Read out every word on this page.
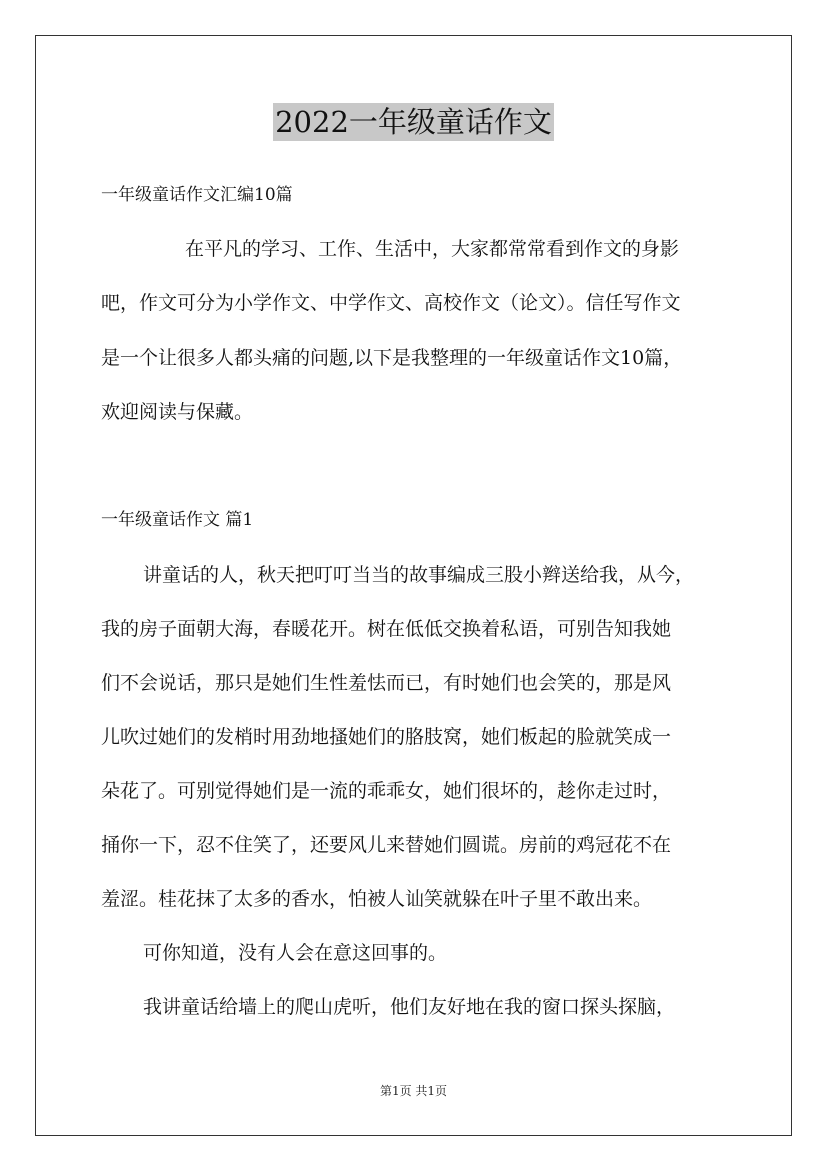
2022一年级童话作文
一年级童话作文汇编10篇
在平凡的学习、工作、生活中，大家都常常看到作文的身影
吧，作文可分为小学作文、中学作文、高校作文（论文）。信任写作文
是一个让很多人都头痛的问题,以下是我整理的一年级童话作文10篇，
欢迎阅读与保藏。
一年级童话作文 篇1
讲童话的人，秋天把叮叮当当的故事编成三股小辫送给我，从今，
我的房子面朝大海，春暖花开。树在低低交换着私语，可别告知我她
们不会说话，那只是她们生性羞怯而已，有时她们也会笑的，那是风
儿吹过她们的发梢时用劲地搔她们的胳肢窝，她们板起的脸就笑成一
朵花了。可别觉得她们是一流的乖乖女，她们很坏的，趁你走过时，
捅你一下，忍不住笑了，还要风儿来替她们圆谎。房前的鸡冠花不在
羞涩。桂花抹了太多的香水，怕被人讪笑就躲在叶子里不敢出来。
可你知道，没有人会在意这回事的。
我讲童话给墙上的爬山虎听，他们友好地在我的窗口探头探脑，
第1页 共1页
